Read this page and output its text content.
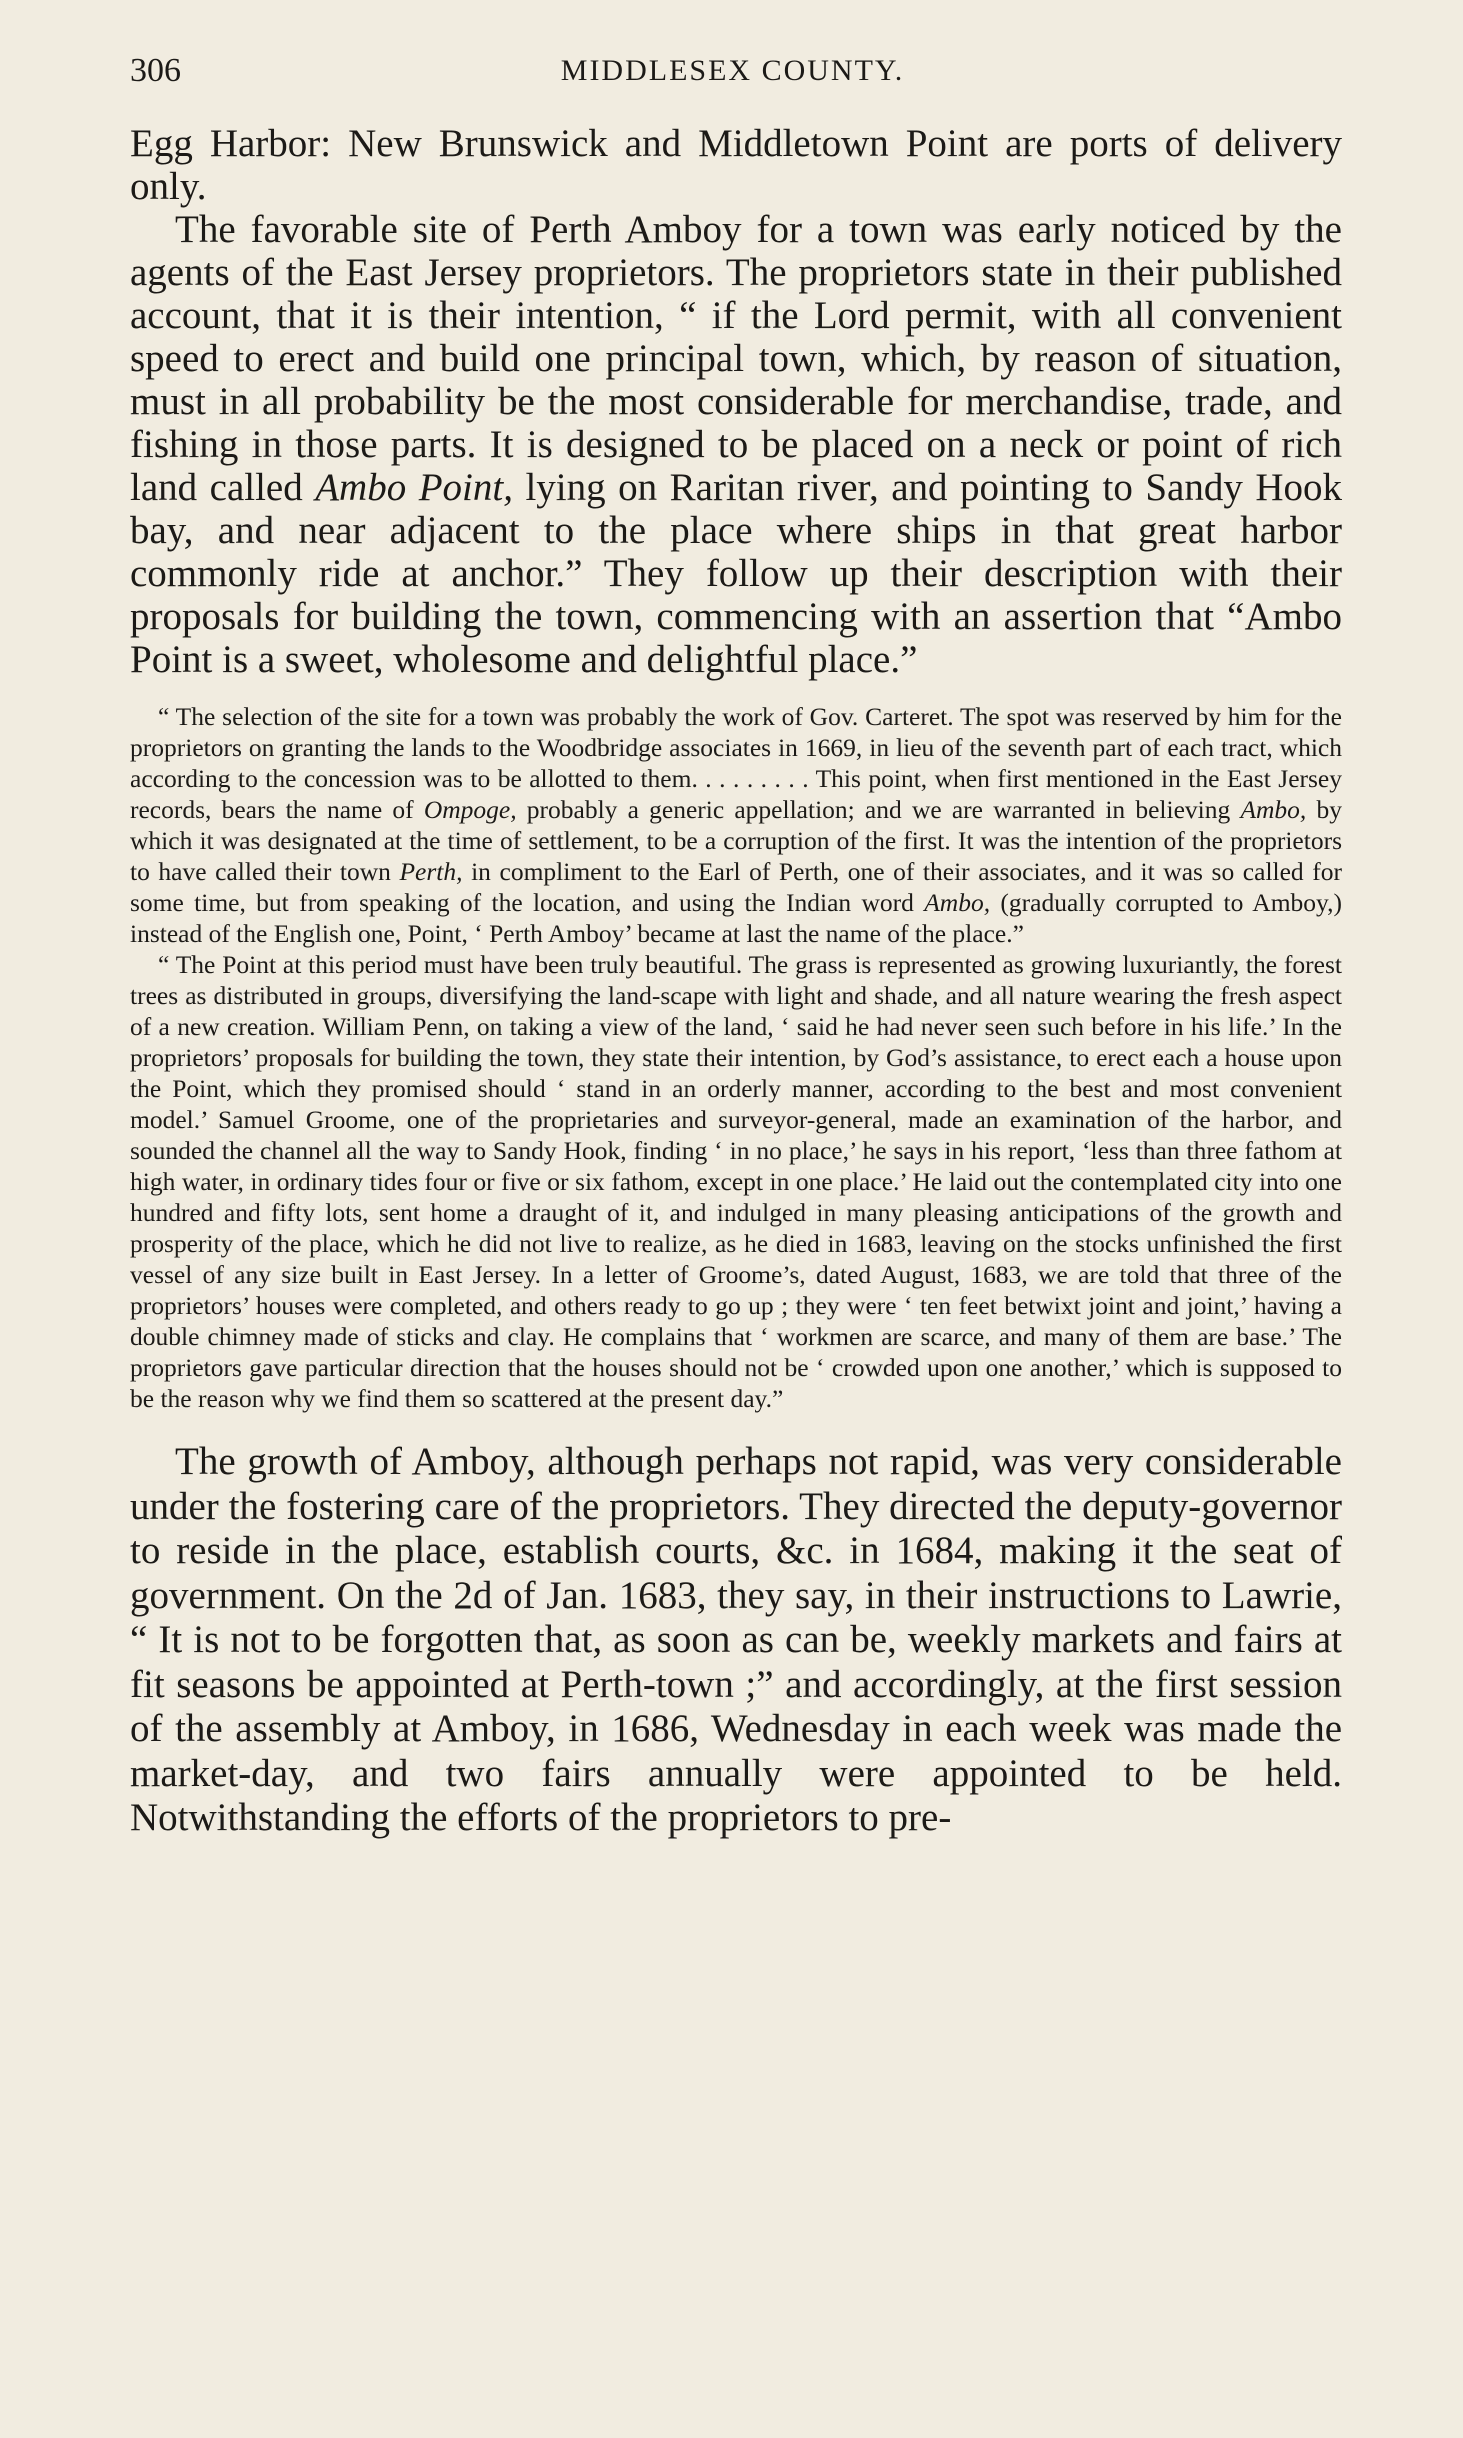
306	MIDDLESEX COUNTY.

Egg Harbor: New Brunswick and Middletown Point are ports of delivery only.

The favorable site of Perth Amboy for a town was early noticed by the agents of the East Jersey proprietors. The proprietors state in their published account, that it is their intention, “ if the Lord permit, with all convenient speed to erect and build one principal town, which, by reason of situation, must in all probability be the most considerable for merchandise, trade, and fishing in those parts. It is designed to be placed on a neck or point of rich land called Ambo Point, lying on Raritan river, and pointing to Sandy Hook bay, and near adjacent to the place where ships in that great harbor commonly ride at anchor.” They follow up their description with their proposals for building the town, commencing with an assertion that “Ambo Point is a sweet, wholesome and delightful place.”

“ The selection of the site for a town was probably the work of Gov. Carteret. The spot was reserved by him for the proprietors on granting the lands to the Woodbridge associates in 1669, in lieu of the seventh part of each tract, which according to the concession was to be allotted to them. . . . . . . . . This point, when first mentioned in the East Jersey records, bears the name of Ompoge, probably a generic appellation; and we are warranted in believing Ambo, by which it was designated at the time of settlement, to be a corruption of the first. It was the intention of the proprietors to have called their town Perth, in compliment to the Earl of Perth, one of their associates, and it was so called for some time, but from speaking of the location, and using the Indian word Ambo, (gradually corrupted to Amboy,) instead of the English one, Point, ‘ Perth Amboy’ became at last the name of the place.”

“ The Point at this period must have been truly beautiful. The grass is represented as growing luxuriantly, the forest trees as distributed in groups, diversifying the land-scape with light and shade, and all nature wearing the fresh aspect of a new creation. William Penn, on taking a view of the land, ‘ said he had never seen such before in his life.’ In the proprietors’ proposals for building the town, they state their intention, by God’s assistance, to erect each a house upon the Point, which they promised should ‘ stand in an orderly manner, according to the best and most convenient model.’ Samuel Groome, one of the proprietaries and surveyor-general, made an examination of the harbor, and sounded the channel all the way to Sandy Hook, finding ‘ in no place,’ he says in his report, ‘less than three fathom at high water, in ordinary tides four or five or six fathom, except in one place.’ He laid out the contemplated city into one hundred and fifty lots, sent home a draught of it, and indulged in many pleasing anticipations of the growth and prosperity of the place, which he did not live to realize, as he died in 1683, leaving on the stocks unfinished the first vessel of any size built in East Jersey. In a letter of Groome’s, dated August, 1683, we are told that three of the proprietors’ houses were completed, and others ready to go up ; they were ‘ ten feet betwixt joint and joint,’ having a double chimney made of sticks and clay. He complains that ‘ workmen are scarce, and many of them are base.’ The proprietors gave particular direction that the houses should not be ‘ crowded upon one another,’ which is supposed to be the reason why we find them so scattered at the present day.”

The growth of Amboy, although perhaps not rapid, was very considerable under the fostering care of the proprietors. They directed the deputy-governor to reside in the place, establish courts, &c. in 1684, making it the seat of government. On the 2d of Jan. 1683, they say, in their instructions to Lawrie, “ It is not to be forgotten that, as soon as can be, weekly markets and fairs at fit seasons be appointed at Perth-town ;” and accordingly, at the first session of the assembly at Amboy, in 1686, Wednesday in each week was made the market-day, and two fairs annually were appointed to be held. Notwithstanding the efforts of the proprietors to pre-
